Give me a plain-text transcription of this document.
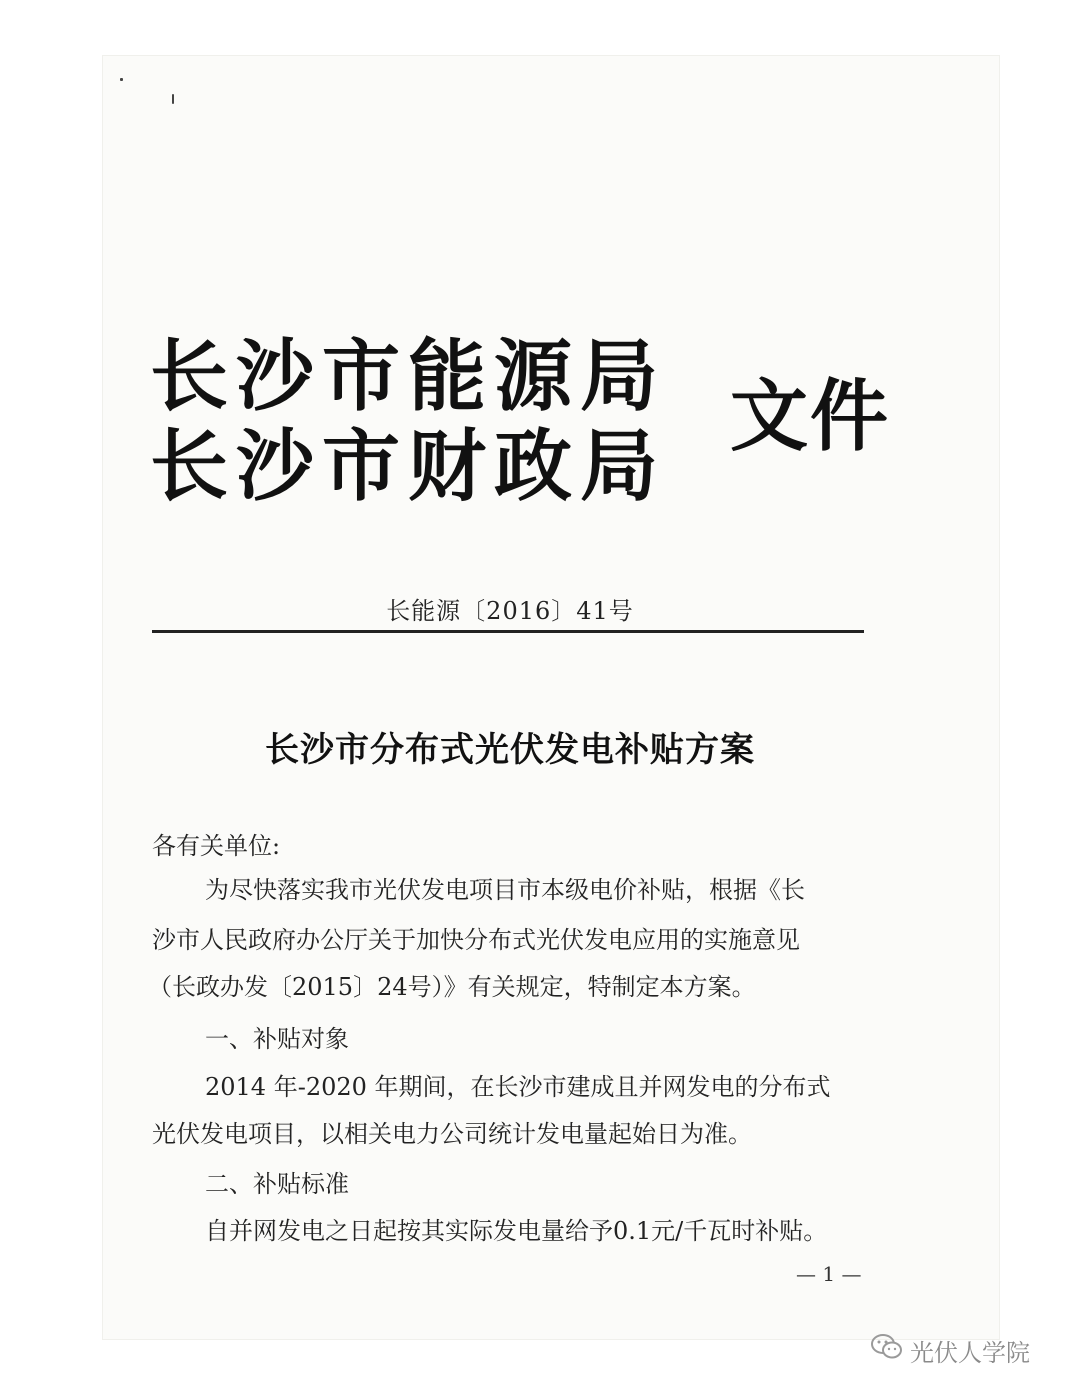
长沙市能源局
长沙市财政局
文件
长能源〔2016〕41号
长沙市分布式光伏发电补贴方案
各有关单位:
为尽快落实我市光伏发电项目市本级电价补贴，根据《长
沙市人民政府办公厅关于加快分布式光伏发电应用的实施意见
（长政办发〔2015〕24号）》有关规定，特制定本方案。
一、补贴对象
2014 年-2020 年期间，在长沙市建成且并网发电的分布式
光伏发电项目，以相关电力公司统计发电量起始日为准。
二、补贴标准
自并网发电之日起按其实际发电量给予0.1元/千瓦时补贴。
— 1 —
光伏人学院
